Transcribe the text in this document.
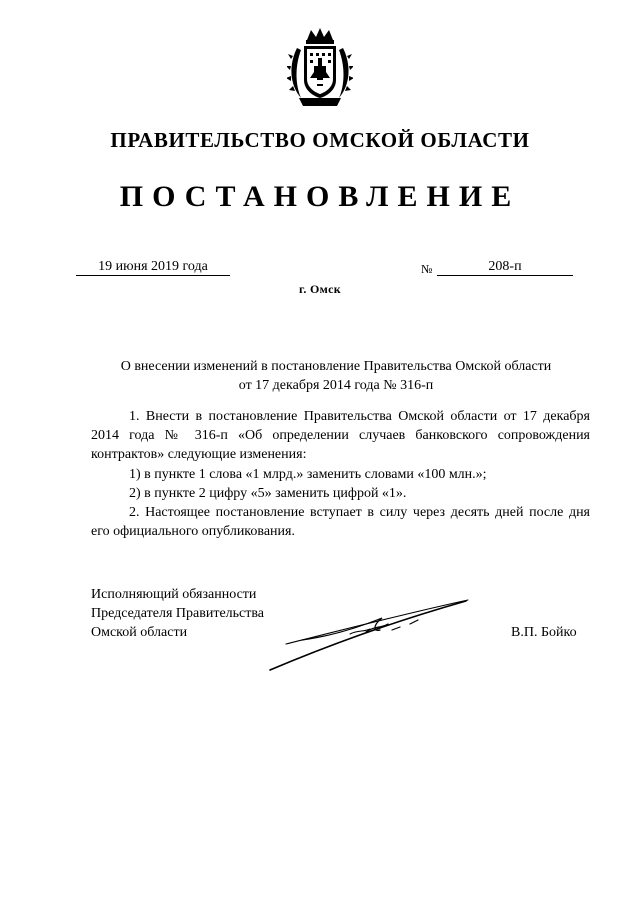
ПРАВИТЕЛЬСТВО ОМСКОЙ ОБЛАСТИ
ПОСТАНОВЛЕНИЕ
19 июня 2019 года	№	208-п
г. Омск
О внесении изменений в постановление Правительства Омской области
от 17 декабря 2014 года № 316-п

1. Внести в постановление Правительства Омской области от 17 декабря 2014 года № 316-п «Об определении случаев банковского сопровождения контрактов» следующие изменения:

1) в пункте 1 слова «1 млрд.» заменить словами «100 млн.»;

2) в пункте 2 цифру «5» заменить цифрой «1».

2. Настоящее постановление вступает в силу через десять дней после дня его официального опубликования.

Исполняющий обязанности
Председателя Правительства
Омской области	В.П. Бойко
